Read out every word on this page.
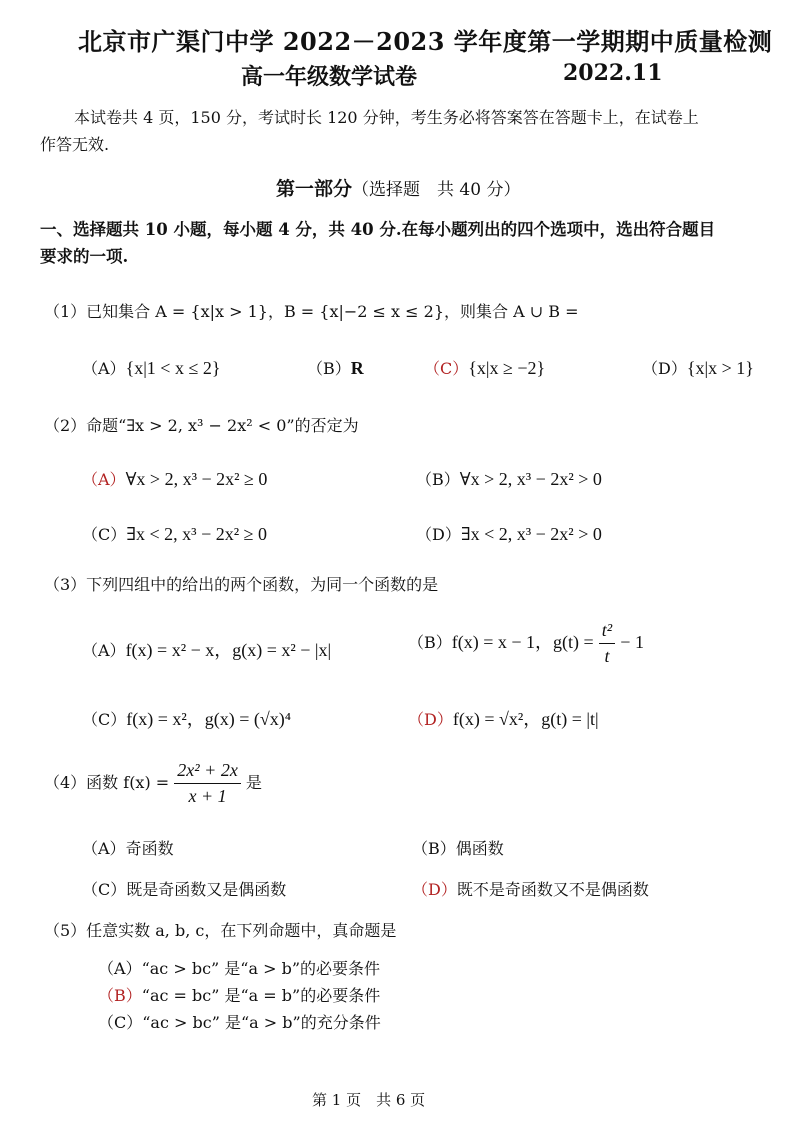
北京市广渠门中学 2022－2023 学年度第一学期期中质量检测
高一年级数学试卷	2022.11
本试卷共 4 页，150 分，考试时长 120 分钟，考生务必将答案答在答题卡上，在试卷上
作答无效.
第一部分（选择题　共 40 分）
一、选择题共 10 小题，每小题 4 分，共 40 分.在每小题列出的四个选项中，选出符合题目
要求的一项.
（1）已知集合 A = {x|x > 1}，B = {x|−2 ≤ x ≤ 2}，则集合 A ∪ B =
（A）{x|1 < x ≤ 2}	（B）R	（C）{x|x ≥ −2}	（D）{x|x > 1}
（2）命题“∃x > 2, x³ − 2x² < 0”的否定为
（A）∀x > 2, x³ − 2x² ≥ 0	（B）∀x > 2, x³ − 2x² > 0
（C）∃x < 2, x³ − 2x² ≥ 0	（D）∃x < 2, x³ − 2x² > 0
（3）下列四组中的给出的两个函数，为同一个函数的是
（A）f(x) = x² − x，g(x) = x² − |x|	（B）f(x) = x − 1，$g(t) = \frac{\text{t²}}{t} - 1$
（C）f(x) = x²，g(x) = (√x)⁴	（D）f(x) = √x²，g(t) = |t|
（4）函数 $f(x) = \frac{\text{2x² + 2x}}{x + 1}$ 是
（A）奇函数	（B）偶函数
（C）既是奇函数又是偶函数	（D）既不是奇函数又不是偶函数
（5）任意实数 a, b, c，在下列命题中，真命题是
（A）“ac > bc” 是“a > b”的必要条件
（B）“ac = bc” 是“a = b”的必要条件
（C）“ac > bc” 是“a > b”的充分条件
第 1 页　共 6 页
